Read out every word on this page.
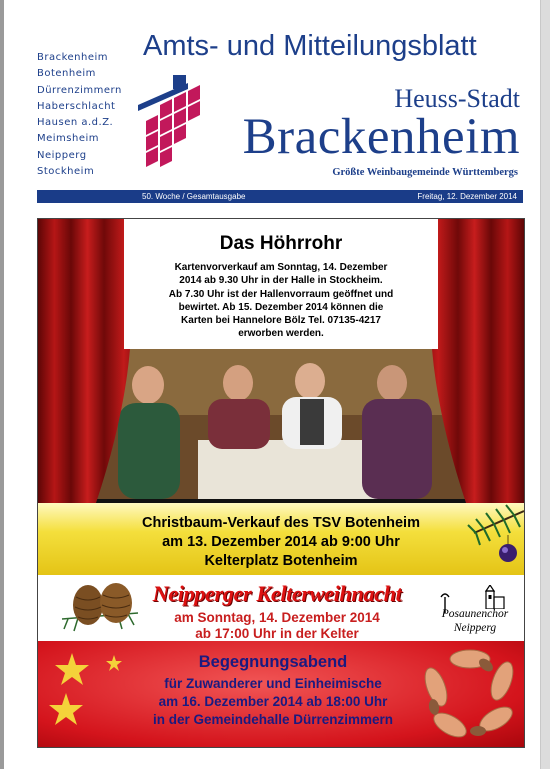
Brackenheim
Botenheim
Dürrenzimmern
Haberschlacht
Hausen a.d.Z.
Meimsheim
Neipperg
Stockheim
Amts- und Mitteilungsblatt
Heuss-Stadt
Brackenheim
Größte Weinbaugemeinde Württembergs
50. Woche / Gesamtausgabe	Freitag, 12. Dezember 2014
Das Höhrrohr
Kartenvorverkauf am Sonntag, 14. Dezember
2014 ab 9.30 Uhr in der Halle in Stockheim.
Ab 7.30 Uhr ist der Hallenvorraum geöffnet und
bewirtet. Ab 15. Dezember 2014 können die
Karten bei Hannelore Bölz Tel. 07135-4217
erworben werden.
Christbaum-Verkauf des TSV Botenheim
am 13. Dezember 2014 ab 9:00 Uhr
Kelterplatz Botenheim
Neipperger Kelterweihnacht
am Sonntag, 14. Dezember 2014
ab 17:00 Uhr in der Kelter
Posaunenchor
Neipperg
Begegnungsabend
für Zuwanderer und Einheimische
am 16. Dezember 2014 ab 18:00 Uhr
in der Gemeindehalle Dürrenzimmern
